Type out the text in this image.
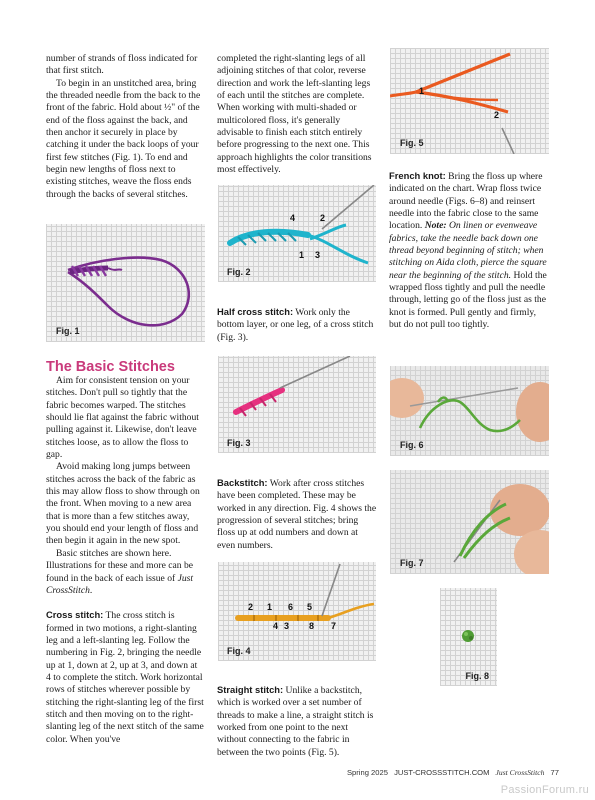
number of strands of floss indicated for that first stitch.

To begin in an unstitched area, bring the threaded needle from the back to the front of the fabric. Hold about ½" of the end of the floss against the back, and then anchor it securely in place by catching it under the back loops of your first few stitches (Fig. 1). To end and begin new lengths of floss next to existing stitches, weave the floss ends through the backs of several stitches.

Fig. 1

The Basic Stitches

Aim for consistent tension on your stitches. Don't pull so tightly that the fabric becomes warped. The stitches should lie flat against the fabric without pulling against it. Likewise, don't leave stitches loose, as to allow the floss to gap.

Avoid making long jumps between stitches across the back of the fabric as this may allow floss to show through on the front. When moving to a new area that is more than a few stitches away, you should end your length of floss and then begin it again in the new spot.

Basic stitches are shown here. Illustrations for these and more can be found in the back of each issue of Just CrossStitch.

Cross stitch: The cross stitch is formed in two motions, a right-slanting leg and a left-slanting leg. Follow the numbering in Fig. 2, bringing the needle up at 1, down at 2, up at 3, and down at 4 to complete the stitch. Work horizontal rows of stitches wherever possible by stitching the right-slanting leg of the first stitch and then moving on to the right-slanting leg of the next stitch of the same color. When you've

completed the right-slanting legs of all adjoining stitches of that color, reverse direction and work the left-slanting legs of each until the stitches are complete. When working with multi-shaded or multicolored floss, it's generally advisable to finish each stitch entirely before progressing to the next one. This approach highlights the color transitions most effectively.

4	2
1 3
Fig. 2

Half cross stitch: Work only the bottom layer, or one leg, of a cross stitch (Fig. 3).

Fig. 3

Backstitch: Work after cross stitches have been completed. These may be worked in any direction. Fig. 4 shows the progression of several stitches; bring floss up at odd numbers and down at even numbers.

2 1 6 5
4 3 8 7
Fig. 4

Straight stitch: Unlike a backstitch, which is worked over a set number of threads to make a line, a straight stitch is worked from one point to the next without connecting to the fabric in between the two points (Fig. 5).

1
2
Fig. 5

French knot: Bring the floss up where indicated on the chart. Wrap floss twice around needle (Figs. 6–8) and reinsert needle into the fabric close to the same location. Note: On linen or evenweave fabrics, take the needle back down one thread beyond beginning of stitch; when stitching on Aida cloth, pierce the square near the beginning of the stitch. Hold the wrapped floss tightly and pull the needle through, letting go of the floss just as the knot is formed. Pull gently and firmly, but do not pull too tightly.

Fig. 6
Fig. 7
Fig. 8
Spring 2025 JUST-CROSSSTITCH.COM Just CrossStitch 77
PassionForum.ru
